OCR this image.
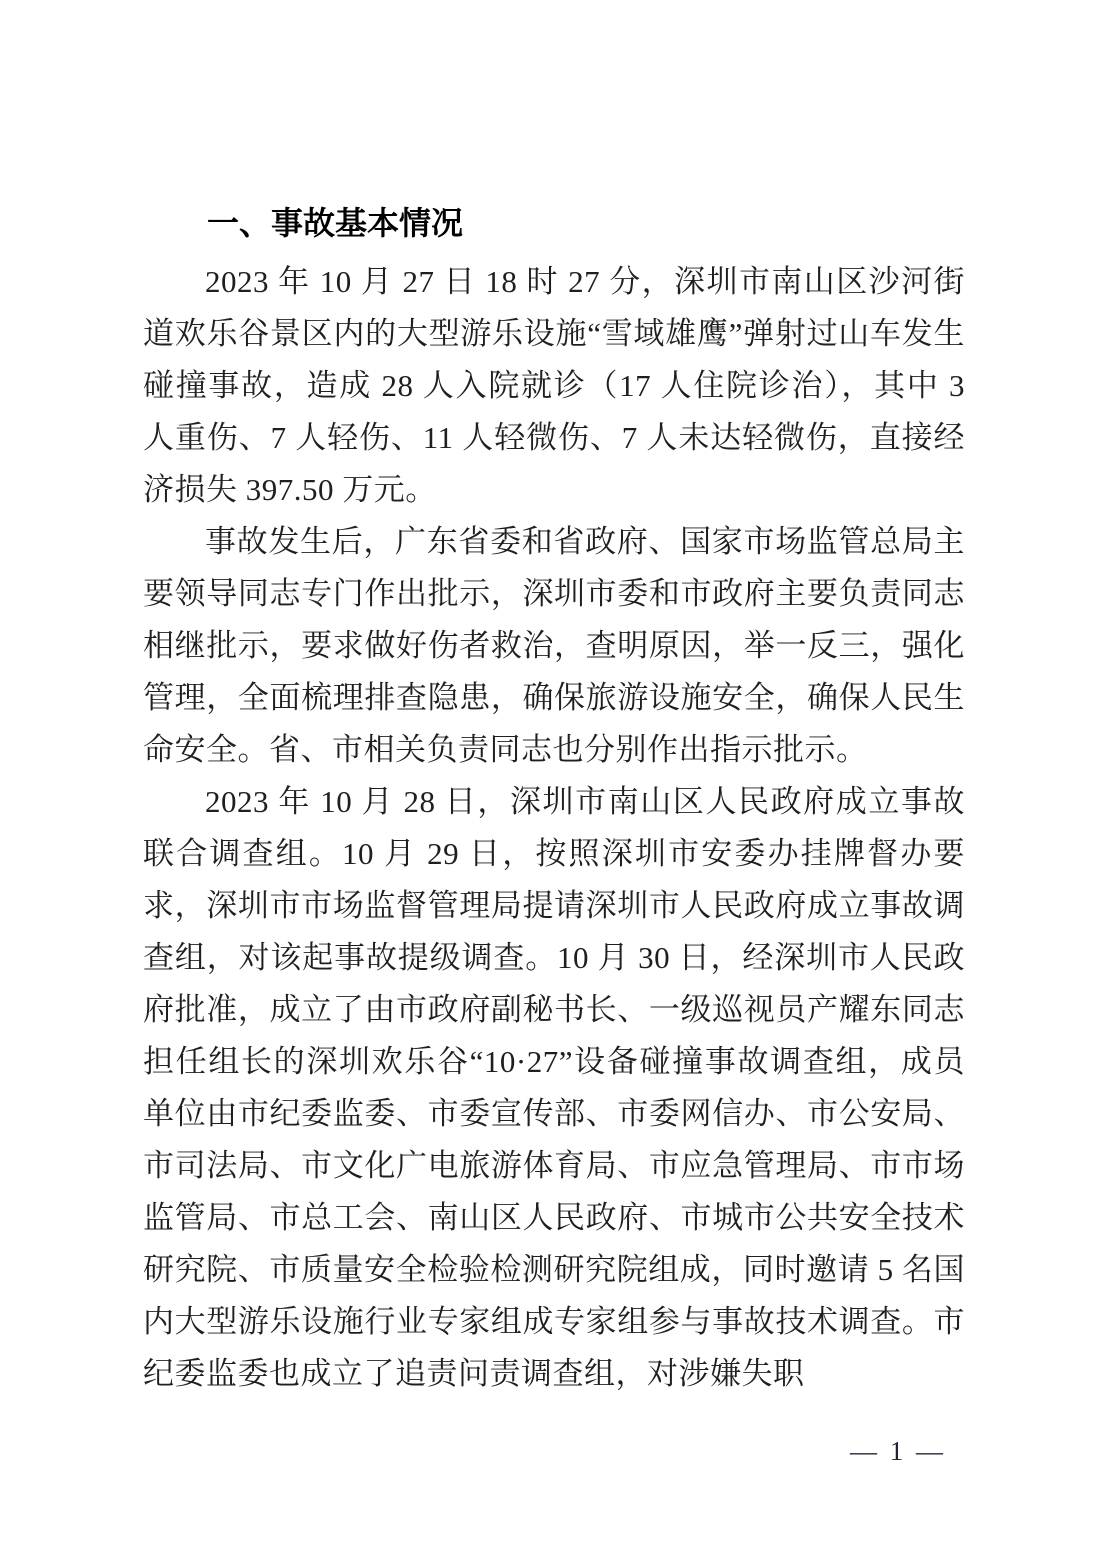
一、事故基本情况

2023 年 10 月 27 日 18 时 27 分，深圳市南山区沙河街道欢乐谷景区内的大型游乐设施“雪域雄鹰”弹射过山车发生碰撞事故，造成 28 人入院就诊（17 人住院诊治），其中 3 人重伤、7 人轻伤、11 人轻微伤、7 人未达轻微伤，直接经济损失 397.50 万元。

事故发生后，广东省委和省政府、国家市场监管总局主要领导同志专门作出批示，深圳市委和市政府主要负责同志相继批示，要求做好伤者救治，查明原因，举一反三，强化管理，全面梳理排查隐患，确保旅游设施安全，确保人民生命安全。省、市相关负责同志也分别作出指示批示。

2023 年 10 月 28 日，深圳市南山区人民政府成立事故联合调查组。10 月 29 日，按照深圳市安委办挂牌督办要求，深圳市市场监督管理局提请深圳市人民政府成立事故调查组，对该起事故提级调查。10 月 30 日，经深圳市人民政府批准，成立了由市政府副秘书长、一级巡视员产耀东同志担任组长的深圳欢乐谷“10·27”设备碰撞事故调查组，成员单位由市纪委监委、市委宣传部、市委网信办、市公安局、市司法局、市文化广电旅游体育局、市应急管理局、市市场监管局、市总工会、南山区人民政府、市城市公共安全技术研究院、市质量安全检验检测研究院组成，同时邀请 5 名国内大型游乐设施行业专家组成专家组参与事故技术调查。市纪委监委也成立了追责问责调查组，对涉嫌失职

— 1 —
